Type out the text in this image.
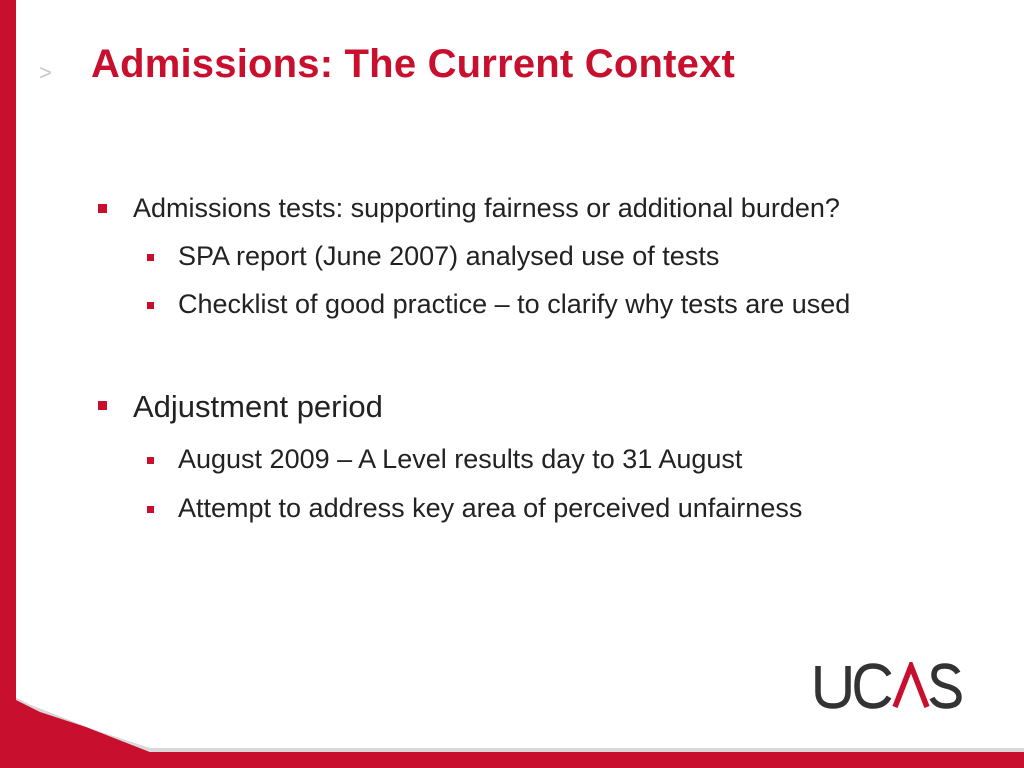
> Admissions: The Current Context
Admissions tests: supporting fairness or additional burden?
SPA report (June 2007) analysed use of tests
Checklist of good practice – to clarify why tests are used
Adjustment period
August 2009 – A Level results day to 31 August
Attempt to address key area of perceived unfairness
